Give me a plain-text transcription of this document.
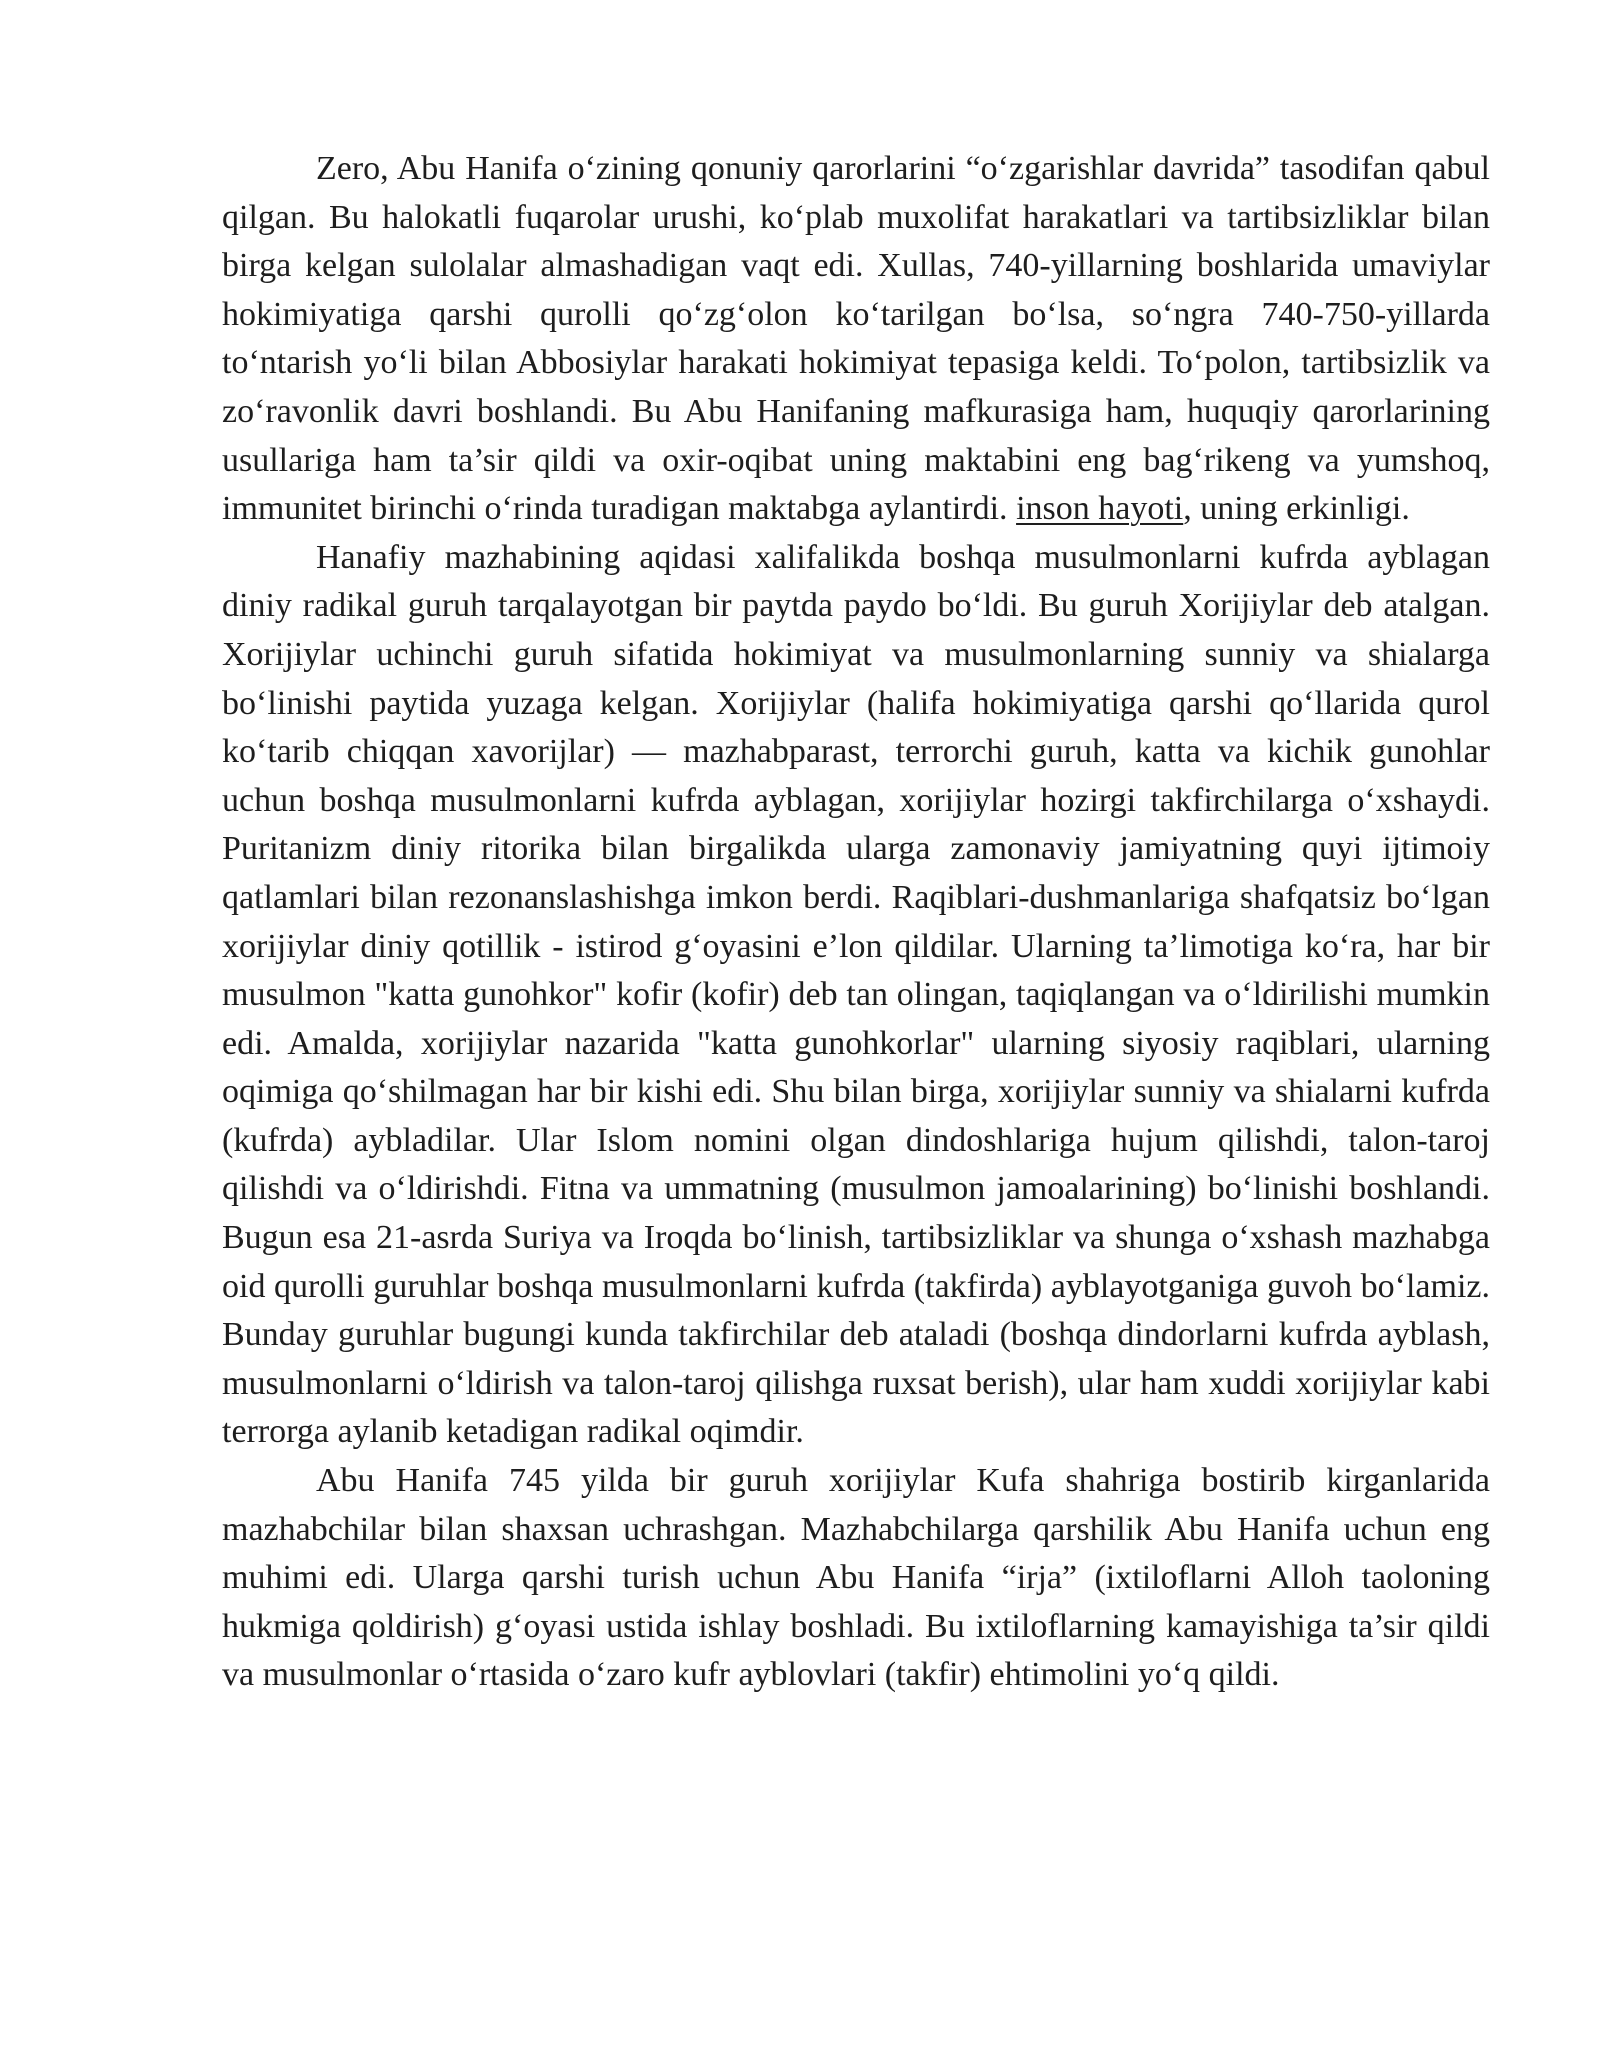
Zero, Abu Hanifa o‘zining qonuniy qarorlarini “o‘zgarishlar davrida” tasodifan qabul qilgan. Bu halokatli fuqarolar urushi, ko‘plab muxolifat harakatlari va tartibsizliklar bilan birga kelgan sulolalar almashadigan vaqt edi. Xullas, 740-yillarning boshlarida umaviylar hokimiyatiga qarshi qurolli qo‘zg‘olon ko‘tarilgan bo‘lsa, so‘ngra 740-750-yillarda to‘ntarish yo‘li bilan Abbosiylar harakati hokimiyat tepasiga keldi. To‘polon, tartibsizlik va zo‘ravonlik davri boshlandi. Bu Abu Hanifaning mafkurasiga ham, huquqiy qarorlarining usullariga ham ta’sir qildi va oxir-oqibat uning maktabini eng bag‘rikeng va yumshoq, immunitet birinchi o‘rinda turadigan maktabga aylantirdi. inson hayoti, uning erkinligi.

Hanafiy mazhabining aqidasi xalifalikda boshqa musulmonlarni kufrda ayblagan diniy radikal guruh tarqalayotgan bir paytda paydo bo‘ldi. Bu guruh Xorijiylar deb atalgan. Xorijiylar uchinchi guruh sifatida hokimiyat va musulmonlarning sunniy va shialarga bo‘linishi paytida yuzaga kelgan. Xorijiylar (halifa hokimiyatiga qarshi qo‘llarida qurol ko‘tarib chiqqan xavorijlar) — mazhabparast, terrorchi guruh, katta va kichik gunohlar uchun boshqa musulmonlarni kufrda ayblagan, xorijiylar hozirgi takfirchilarga o‘xshaydi. Puritanizm diniy ritorika bilan birgalikda ularga zamonaviy jamiyatning quyi ijtimoiy qatlamlari bilan rezonanslashishga imkon berdi. Raqiblari-dushmanlariga shafqatsiz bo‘lgan xorijiylar diniy qotillik - istirod g‘oyasini e’lon qildilar. Ularning ta’limotiga ko‘ra, har bir musulmon "katta gunohkor" kofir (kofir) deb tan olingan, taqiqlangan va o‘ldirilishi mumkin edi. Amalda, xorijiylar nazarida "katta gunohkorlar" ularning siyosiy raqiblari, ularning oqimiga qo‘shilmagan har bir kishi edi. Shu bilan birga, xorijiylar sunniy va shialarni kufrda (kufrda) aybladilar. Ular Islom nomini olgan dindoshlariga hujum qilishdi, talon-taroj qilishdi va o‘ldirishdi. Fitna va ummatning (musulmon jamoalarining) bo‘linishi boshlandi. Bugun esa 21-asrda Suriya va Iroqda bo‘linish, tartibsizliklar va shunga o‘xshash mazhabga oid qurolli guruhlar boshqa musulmonlarni kufrda (takfirda) ayblayotganiga guvoh bo‘lamiz. Bunday guruhlar bugungi kunda takfirchilar deb ataladi (boshqa dindorlarni kufrda ayblash, musulmonlarni o‘ldirish va talon-taroj qilishga ruxsat berish), ular ham xuddi xorijiylar kabi terrorga aylanib ketadigan radikal oqimdir.

Abu Hanifa 745 yilda bir guruh xorijiylar Kufa shahriga bostirib kirganlarida mazhabchilar bilan shaxsan uchrashgan. Mazhabchilarga qarshilik Abu Hanifa uchun eng muhimi edi. Ularga qarshi turish uchun Abu Hanifa “irja” (ixtiloflarni Alloh taoloning hukmiga qoldirish) g‘oyasi ustida ishlay boshladi. Bu ixtiloflarning kamayishiga ta’sir qildi va musulmonlar o‘rtasida o‘zaro kufr ayblovlari (takfir) ehtimolini yo‘q qildi.
